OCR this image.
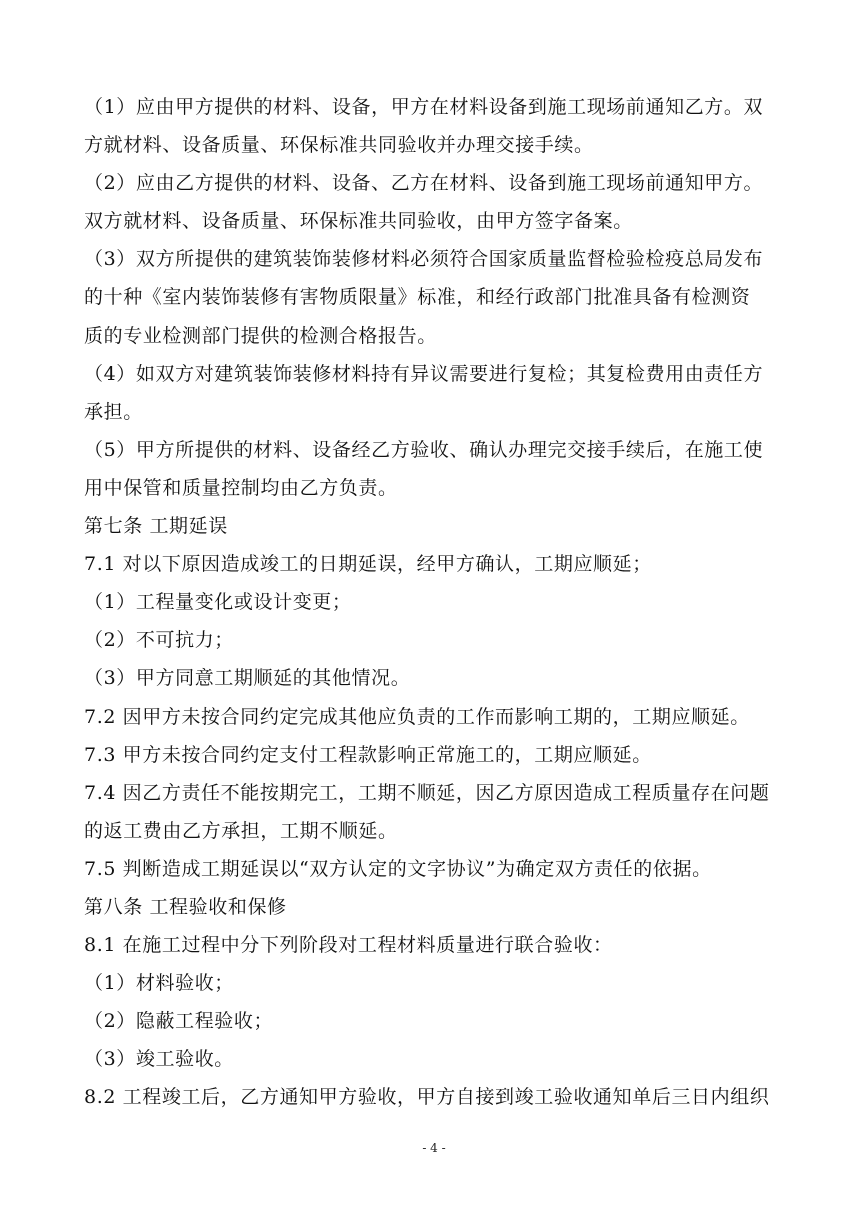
（1）应由甲方提供的材料、设备，甲方在材料设备到施工现场前通知乙方。双
方就材料、设备质量、环保标准共同验收并办理交接手续。
（2）应由乙方提供的材料、设备、乙方在材料、设备到施工现场前通知甲方。
双方就材料、设备质量、环保标准共同验收，由甲方签字备案。
（3）双方所提供的建筑装饰装修材料必须符合国家质量监督检验检疫总局发布
的十种《室内装饰装修有害物质限量》标准，和经行政部门批准具备有检测资
质的专业检测部门提供的检测合格报告。
（4）如双方对建筑装饰装修材料持有异议需要进行复检；其复检费用由责任方
承担。
（5）甲方所提供的材料、设备经乙方验收、确认办理完交接手续后，在施工使
用中保管和质量控制均由乙方负责。
第七条 工期延误
7.1 对以下原因造成竣工的日期延误，经甲方确认，工期应顺延；
（1）工程量变化或设计变更；
（2）不可抗力；
（3）甲方同意工期顺延的其他情况。
7.2 因甲方未按合同约定完成其他应负责的工作而影响工期的，工期应顺延。
7.3 甲方未按合同约定支付工程款影响正常施工的，工期应顺延。
7.4 因乙方责任不能按期完工，工期不顺延，因乙方原因造成工程质量存在问题
的返工费由乙方承担，工期不顺延。
7.5 判断造成工期延误以“双方认定的文字协议”为确定双方责任的依据。
第八条 工程验收和保修
8.1 在施工过程中分下列阶段对工程材料质量进行联合验收：
（1）材料验收；
（2）隐蔽工程验收；
（3）竣工验收。
8.2 工程竣工后，乙方通知甲方验收，甲方自接到竣工验收通知单后三日内组织
- 4 -
